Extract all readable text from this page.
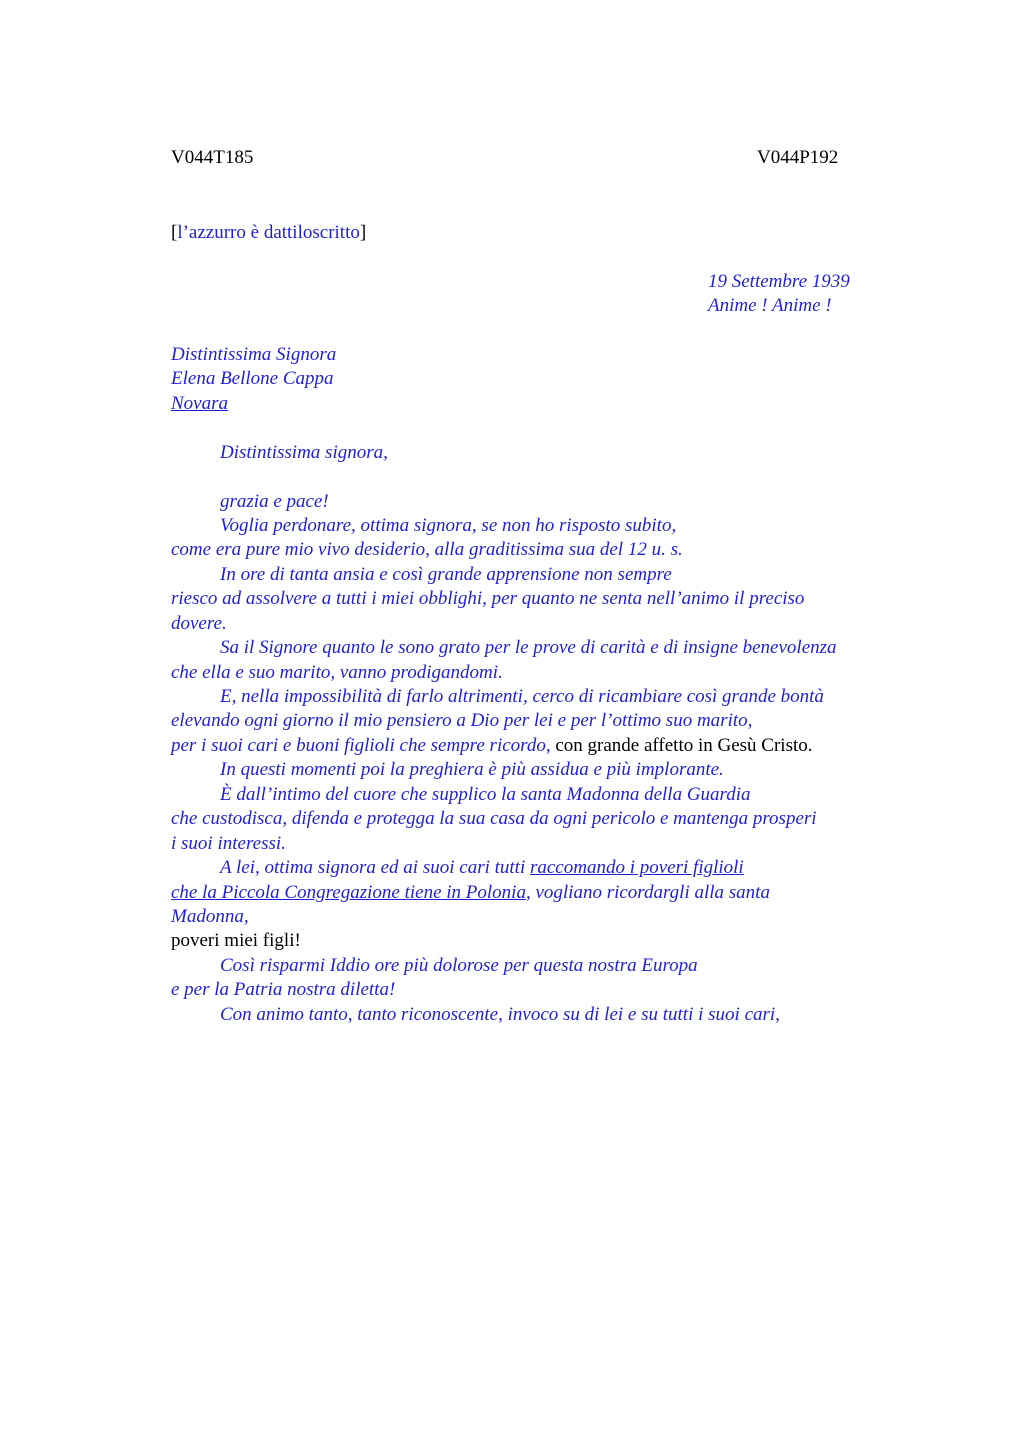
V044T185	V044P192
[l’azzurro è dattiloscritto]
19 Settembre 1939
Anime ! Anime !
Distintissima Signora
Elena Bellone Cappa
Novara
Distintissima signora,
grazia e pace!
Voglia perdonare, ottima signora, se non ho risposto subito,
come era pure mio vivo desiderio, alla graditissima sua del 12 u. s.
In ore di tanta ansia e così grande apprensione non sempre
riesco ad assolvere a tutti i miei obblighi, per quanto ne senta nell’animo il preciso
dovere.
Sa il Signore quanto le sono grato per le prove di carità e di insigne benevolenza
che ella e suo marito, vanno prodigandomi.
E, nella impossibilità di farlo altrimenti, cerco di ricambiare così grande bontà
elevando ogni giorno il mio pensiero a Dio per lei e per l’ottimo suo marito,
per i suoi cari e buoni figlioli che sempre ricordo, con grande affetto in Gesù Cristo.
In questi momenti poi la preghiera è più assidua e più implorante.
È dall’intimo del cuore che supplico la santa Madonna della Guardia
che custodisca, difenda e protegga la sua casa da ogni pericolo e mantenga prosperi
i suoi interessi.
A lei, ottima signora ed ai suoi cari tutti raccomando i poveri figlioli
che la Piccola Congregazione tiene in Polonia, vogliano ricordargli alla santa
Madonna,
poveri miei figli!
Così risparmi Iddio ore più dolorose per questa nostra Europa
e per la Patria nostra diletta!
Con animo tanto, tanto riconoscente, invoco su di lei e su tutti i suoi cari,
